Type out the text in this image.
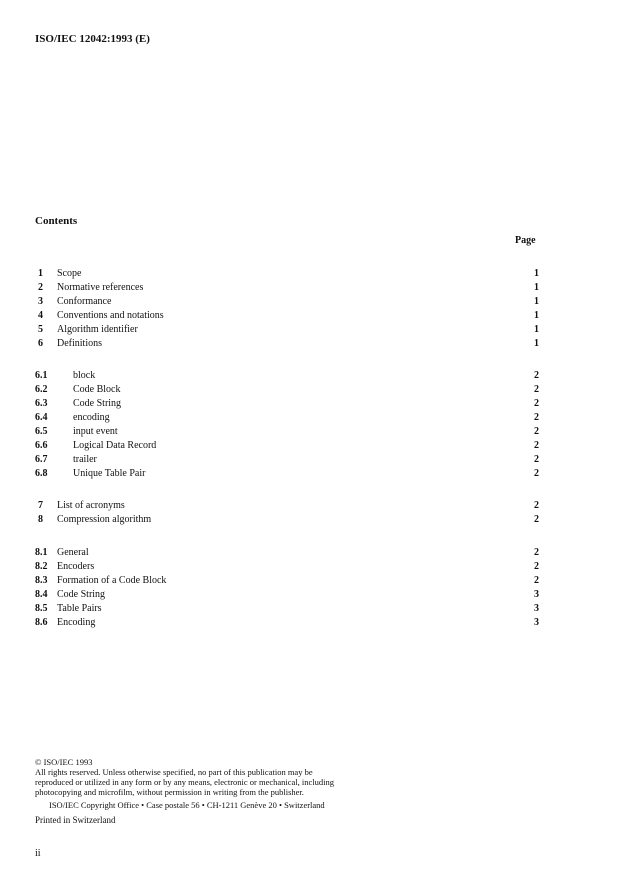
ISO/IEC 12042:1993 (E)
Contents
Page
1 Scope	1
2 Normative references	1
3 Conformance	1
4 Conventions and notations	1
5 Algorithm identifier	1
6 Definitions	1
6.1	block	2
6.2	Code Block	2
6.3	Code String	2
6.4	encoding	2
6.5	input event	2
6.6	Logical Data Record	2
6.7	trailer	2
6.8	Unique Table Pair	2
7 List of acronyms	2
8 Compression algorithm	2
8.1 General	2
8.2 Encoders	2
8.3 Formation of a Code Block	2
8.4 Code String	3
8.5 Table Pairs	3
8.6 Encoding	3
© ISO/IEC 1993
All rights reserved. Unless otherwise specified, no part of this publication may be
reproduced or utilized in any form or by any means, electronic or mechanical, including
photocopying and microfilm, without permission in writing from the publisher.
ISO/IEC Copyright Office • Case postale 56 • CH-1211 Genève 20 • Switzerland
Printed in Switzerland
ii
